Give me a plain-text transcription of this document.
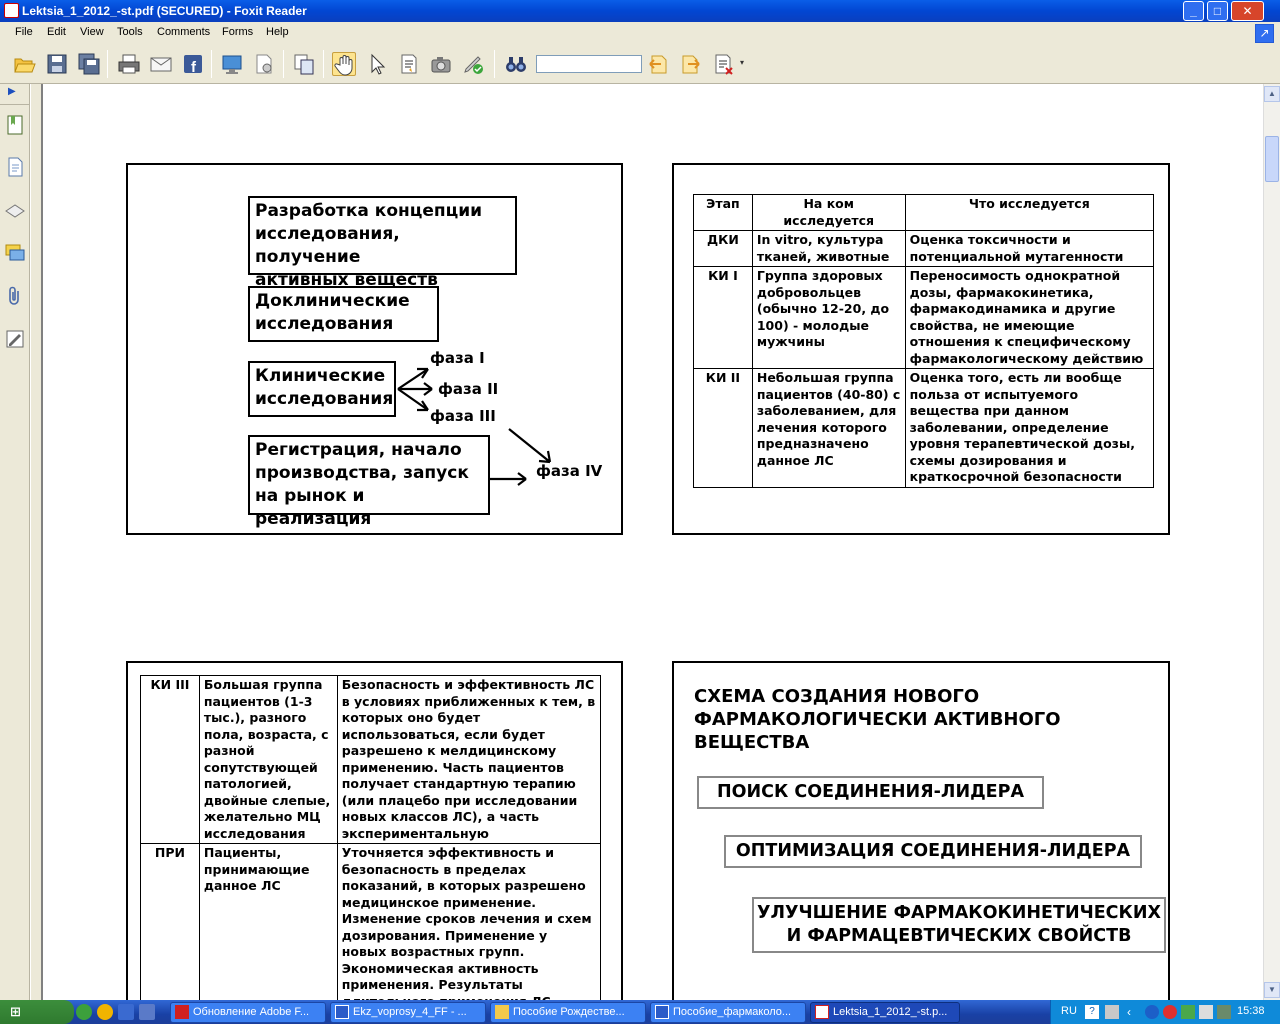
Lektsia_1_2012_-st.pdf (SECURED) - Foxit Reader	_	□	✕
File Edit View Tools Comments Forms Help	↗
f	▾
▶
Разработка концепции
исследования, получение
активных веществ
Доклинические
исследования
Клинические
исследования
Регистрация, начало
производства, запуск
на рынок и реализация
фаза I
фаза II
фаза III
фаза IV
Этап	На ком исследуется	Что исследуется
ДКИ	In vitro, культура тканей, животные	Оценка токсичности и потенциальной мутагенности
КИ I	Группа здоровых добровольцев (обычно 12-20, до 100) - молодые мужчины	Переносимость однократной дозы, фармакокинетика, фармакодинамика и другие свойства, не имеющие отношения к специфическому фармакологическому действию
КИ II	Небольшая группа пациентов (40-80) с заболеванием, для лечения которого предназначено данное ЛС	Оценка того, есть ли вообще польза от испытуемого вещества при данном заболевании, определение уровня терапевтической дозы, схемы дозирования и краткосрочной безопасности
КИ III	Большая группа пациентов (1-3 тыс.), разного пола, возраста, с разной сопутствующей патологией, двойные слепые, желательно МЦ исследования	Безопасность и эффективность ЛС в условиях приближенных к тем, в которых оно будет использоваться, если будет разрешено к мелдицинскому применению. Часть пациентов получает стандартную терапию (или плацебо при исследовании новых классов ЛС), а часть экспериментальную
ПРИ	Пациенты, принимающие данное ЛС	Уточняется эффективность и безопасность в пределах показаний, в которых разрешено медицинское применение. Изменение сроков лечения и схем дозирования. Применение у новых возрастных групп. Экономическая активность применения. Результаты
СХЕМА СОЗДАНИЯ НОВОГО
ФАРМАКОЛОГИЧЕСКИ АКТИВНОГО
ВЕЩЕСТВА
ПОИСК СОЕДИНЕНИЯ-ЛИДЕРА
ОПТИМИЗАЦИЯ СОЕДИНЕНИЯ-ЛИДЕРА
УЛУЧШЕНИЕ ФАРМАКОКИНЕТИЧЕСКИХ
И ФАРМАЦЕВТИЧЕСКИХ СВОЙСТВ
▲
▼
⊞	Обновление Adobe F...	Ekz_voprosy_4_FF - ...	Пособие Рождестве...	Пособие_фармаколо...	Lektsia_1_2012_-st.p...	RU	?	‹	15:38
